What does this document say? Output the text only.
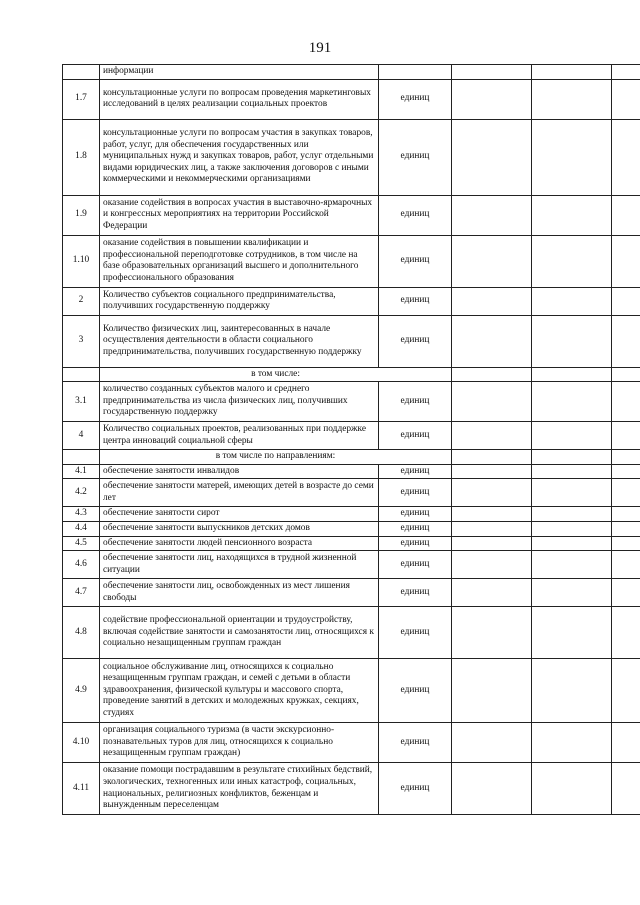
191
	информации				
1.7	консультационные услуги по вопросам проведения маркетинговых исследований в целях реализации социальных проектов	единиц			
1.8	консультационные услуги по вопросам участия в закупках товаров, работ, услуг, для обеспечения государственных или муниципальных нужд и закупках товаров, работ, услуг отдельными видами юридических лиц, а также заключения договоров с иными коммерческими и некоммерческими организациями	единиц			
1.9	оказание содействия в вопросах участия в выставочно-ярмарочных и конгрессных мероприятиях на территории Российской Федерации	единиц			
1.10	оказание содействия в повышении квалификации и профессиональной переподготовке сотрудников, в том числе на базе образовательных организаций высшего и дополнительного профессионального образования	единиц			
2	Количество субъектов социального предпринимательства, получивших государственную поддержку	единиц			
3	Количество физических лиц, заинтересованных в начале осуществления деятельности в области социального предпринимательства, получивших государственную поддержку	единиц			
	в том числе:				
3.1	количество созданных субъектов малого и среднего предпринимательства из числа физических лиц, получивших государственную поддержку	единиц			
4	Количество социальных проектов, реализованных при поддержке центра инноваций социальной сферы	единиц			
	в том числе по направлениям:				
4.1	обеспечение занятости инвалидов	единиц			
4.2	обеспечение занятости матерей, имеющих детей в возрасте до семи лет	единиц			
4.3	обеспечение занятости сирот	единиц			
4.4	обеспечение занятости выпускников детских домов	единиц			
4.5	обеспечение занятости людей пенсионного возраста	единиц			
4.6	обеспечение занятости лиц, находящихся в трудной жизненной ситуации	единиц			
4.7	обеспечение занятости лиц, освобожденных из мест лишения свободы	единиц			
4.8	содействие профессиональной ориентации и трудоустройству, включая содействие занятости и самозанятости лиц, относящихся к социально незащищенным группам граждан	единиц			
4.9	социальное обслуживание лиц, относящихся к социально незащищенным группам граждан, и семей с детьми в области здравоохранения, физической культуры и массового спорта, проведение занятий в детских и молодежных кружках, секциях, студиях	единиц			
4.10	организация социального туризма (в части экскурсионно-познавательных туров для лиц, относящихся к социально незащищенным группам граждан)	единиц			
4.11	оказание помощи пострадавшим в результате стихийных бедствий, экологических, техногенных или иных катастроф, социальных, национальных, религиозных конфликтов, беженцам и вынужденным переселенцам	единиц			
